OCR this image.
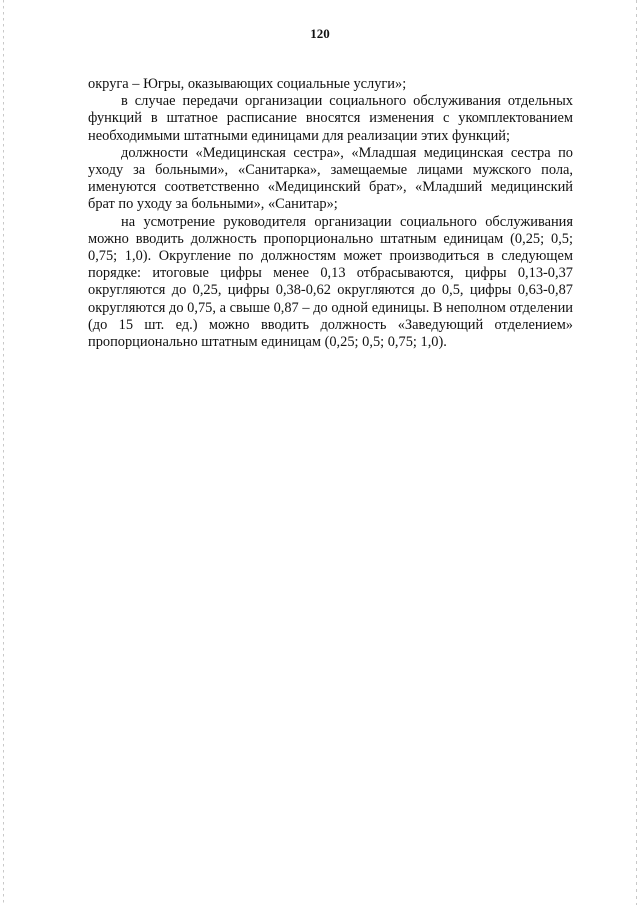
120

округа – Югры, оказывающих социальные услуги»;

в случае передачи организации социального обслуживания отдельных функций в штатное расписание вносятся изменения с укомплектованием необходимыми штатными единицами для реализации этих функций;

должности «Медицинская сестра», «Младшая медицинская сестра по уходу за больными», «Санитарка», замещаемые лицами мужского пола, именуются соответственно «Медицинский брат», «Младший медицинский брат по уходу за больными», «Санитар»;

на усмотрение руководителя организации социального обслуживания можно вводить должность пропорционально штатным единицам (0,25; 0,5; 0,75; 1,0). Округление по должностям может производиться в следующем порядке: итоговые цифры менее 0,13 отбрасываются, цифры 0,13-0,37 округляются до 0,25, цифры 0,38-0,62 округляются до 0,5, цифры 0,63-0,87 округляются до 0,75, а свыше 0,87 – до одной единицы. В неполном отделении (до 15 шт. ед.) можно вводить должность «Заведующий отделением» пропорционально штатным единицам (0,25; 0,5; 0,75; 1,0).
